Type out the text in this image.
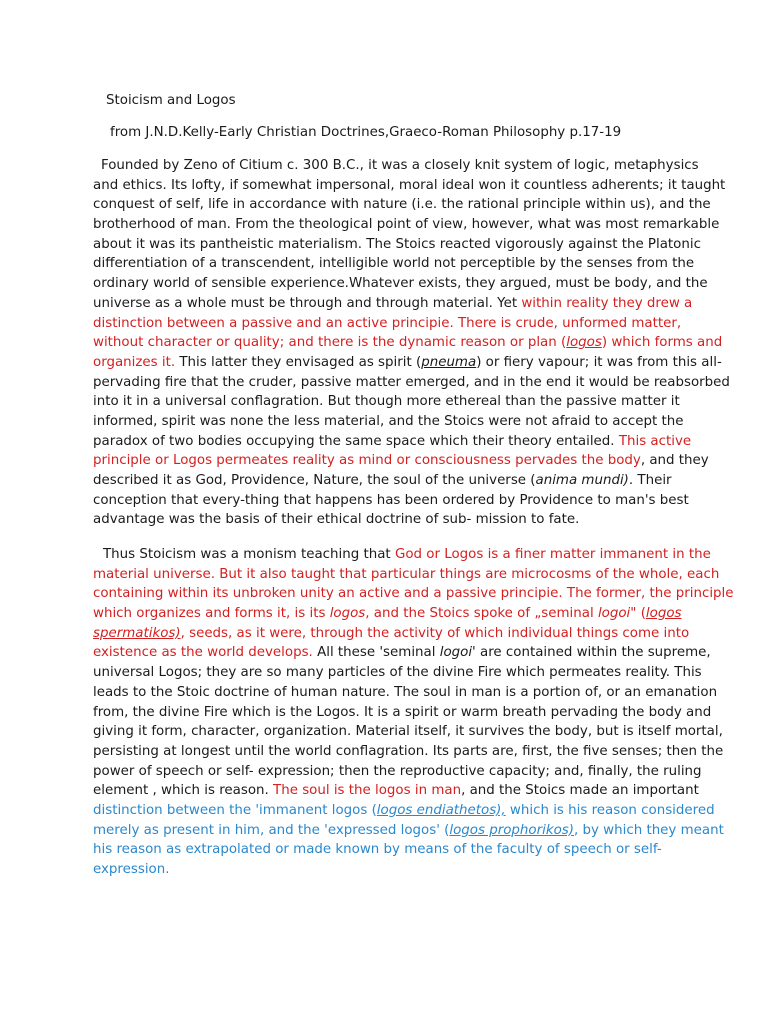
Stoicism and Logos
from J.N.D.Kelly-Early Christian Doctrines,Graeco-Roman Philosophy p.17-19
Founded by Zeno of Citium c. 300 B.C., it was a closely knit system of logic, metaphysics
and ethics. Its lofty, if somewhat impersonal, moral ideal won it countless adherents; it taught
conquest of self, life in accordance with nature (i.e. the rational principle within us), and the
brotherhood of man. From the theological point of view, however, what was most remarkable
about it was its pantheistic materialism. The Stoics reacted vigorously against the Platonic
differentiation of a transcendent, intelligible world not perceptible by the senses from the
ordinary world of sensible experience.Whatever exists, they argued, must be body, and the
universe as a whole must be through and through material. Yet within reality they drew a
distinction between a passive and an active principie. There is crude, unformed matter,
without character or quality; and there is the dynamic reason or plan (logos) which forms and
organizes it. This latter they envisaged as spirit (pneuma) or fiery vapour; it was from this all-
pervading fire that the cruder, passive matter emerged, and in the end it would be reabsorbed
into it in a universal conflagration. But though more ethereal than the passive matter it
informed, spirit was none the less material, and the Stoics were not afraid to accept the
paradox of two bodies occupying the same space which their theory entailed. This active
principle or Logos permeates reality as mind or consciousness pervades the body, and they
described it as God, Providence, Nature, the soul of the universe (anima mundi). Their
conception that every-thing that happens has been ordered by Providence to man's best
advantage was the basis of their ethical doctrine of sub- mission to fate.
Thus Stoicism was a monism teaching that God or Logos is a finer matter immanent in the
material universe. But it also taught that particular things are microcosms of the whole, each
containing within its unbroken unity an active and a passive principie. The former, the principle
which organizes and forms it, is its logos, and the Stoics spoke of „seminal logoi" (logos
spermatikos), seeds, as it were, through the activity of which individual things come into
existence as the world develops. All these 'seminal logoi' are contained within the supreme,
universal Logos; they are so many particles of the divine Fire which permeates reality. This
leads to the Stoic doctrine of human nature. The soul in man is a portion of, or an emanation
from, the divine Fire which is the Logos. It is a spirit or warm breath pervading the body and
giving it form, character, organization. Material itself, it survives the body, but is itself mortal,
persisting at longest until the world conflagration. Its parts are, first, the five senses; then the
power of speech or self- expression; then the reproductive capacity; and, finally, the ruling
element , which is reason. The soul is the logos in man, and the Stoics made an important
distinction between the 'immanent logos (logos endiathetos), which is his reason considered
merely as present in him, and the 'expressed logos' (logos prophorikos), by which they meant
his reason as extrapolated or made known by means of the faculty of speech or self-
expression.
